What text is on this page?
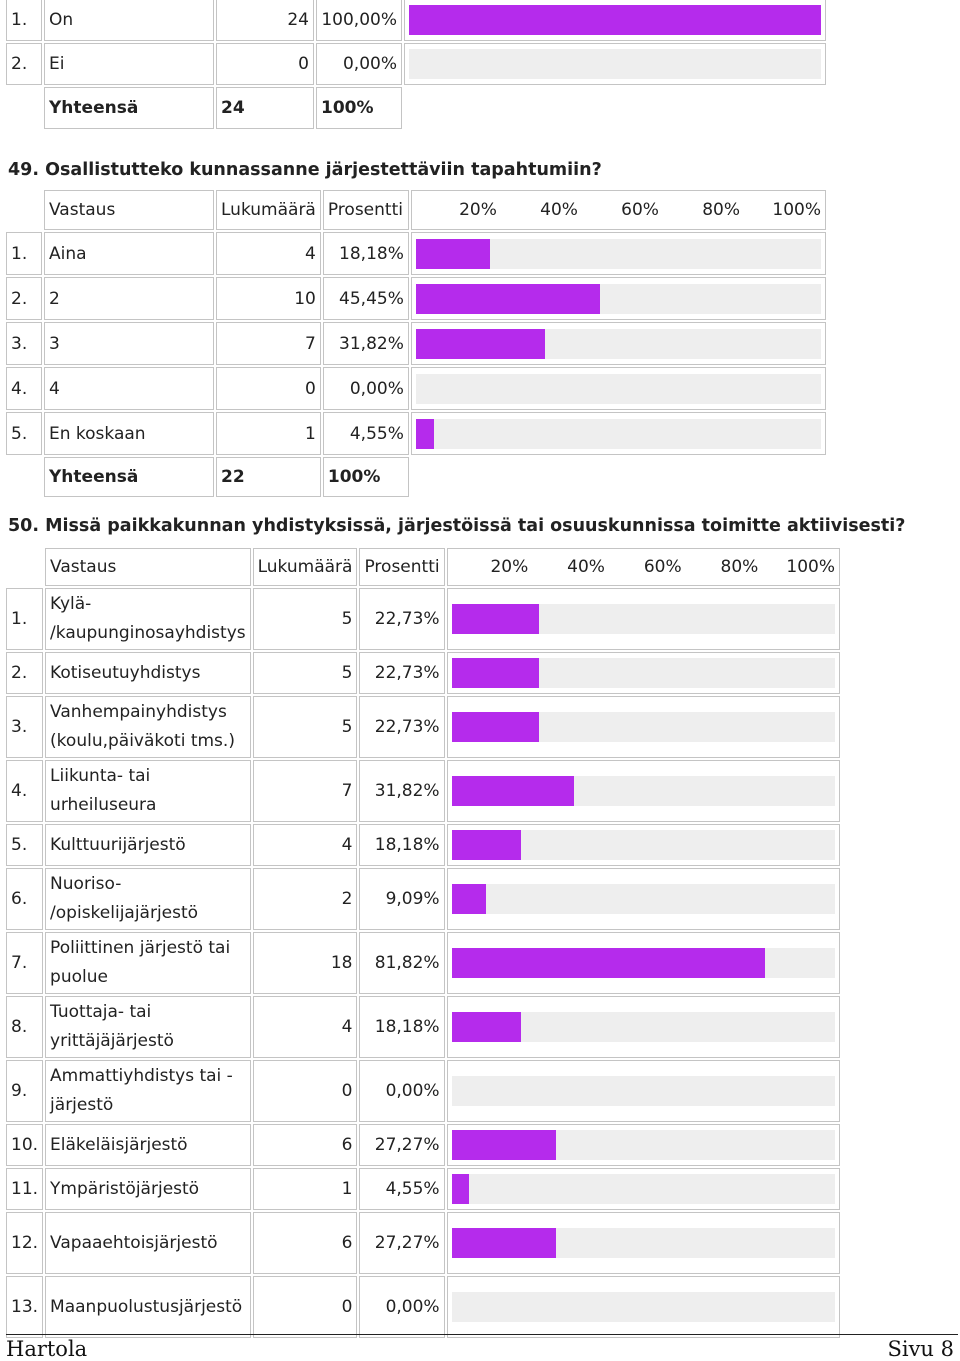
1.	On	24	100,00%	

2.	Ei	0	0,00%	

	Yhteensä	24	100%	
49. Osallistutteko kunnassanne järjestettäviin tapahtumiin?
	Vastaus	Lukumäärä	Prosentti	20% 40% 60% 80% 100%

1.	Aina	4	18,18%	

2.	2	10	45,45%	

3.	3	7	31,82%	

4.	4	0	0,00%	

5.	En koskaan	1	4,55%	

	Yhteensä	22	100%	
50. Missä paikkakunnan yhdistyksissä, järjestöissä tai osuuskunnissa toimitte aktiivisesti?
	Vastaus	Lukumäärä	Prosentti	20% 40% 60% 80% 100%

1.	Kylä- /kaupunginosayhdistys	5	22,73%	

2.	Kotiseutuyhdistys	5	22,73%	

3.	Vanhempainyhdistys (koulu,päiväkoti tms.)	5	22,73%	

4.	Liikunta- tai urheiluseura	7	31,82%	

5.	Kulttuurijärjestö	4	18,18%	

6.	Nuoriso- /opiskelijajärjestö	2	9,09%	

7.	Poliittinen järjestö tai puolue	18	81,82%	

8.	Tuottaja- tai yrittäjäjärjestö	4	18,18%	

9.	Ammattiyhdistys tai -järjestö	0	0,00%	

10.	Eläkeläisjärjestö	6	27,27%	

11.	Ympäristöjärjestö	1	4,55%	

12.	Vapaaehtoisjärjestö	6	27,27%	

13.	Maanpuolustusjärjestö	0	0,00%	
Hartola	Sivu 8
